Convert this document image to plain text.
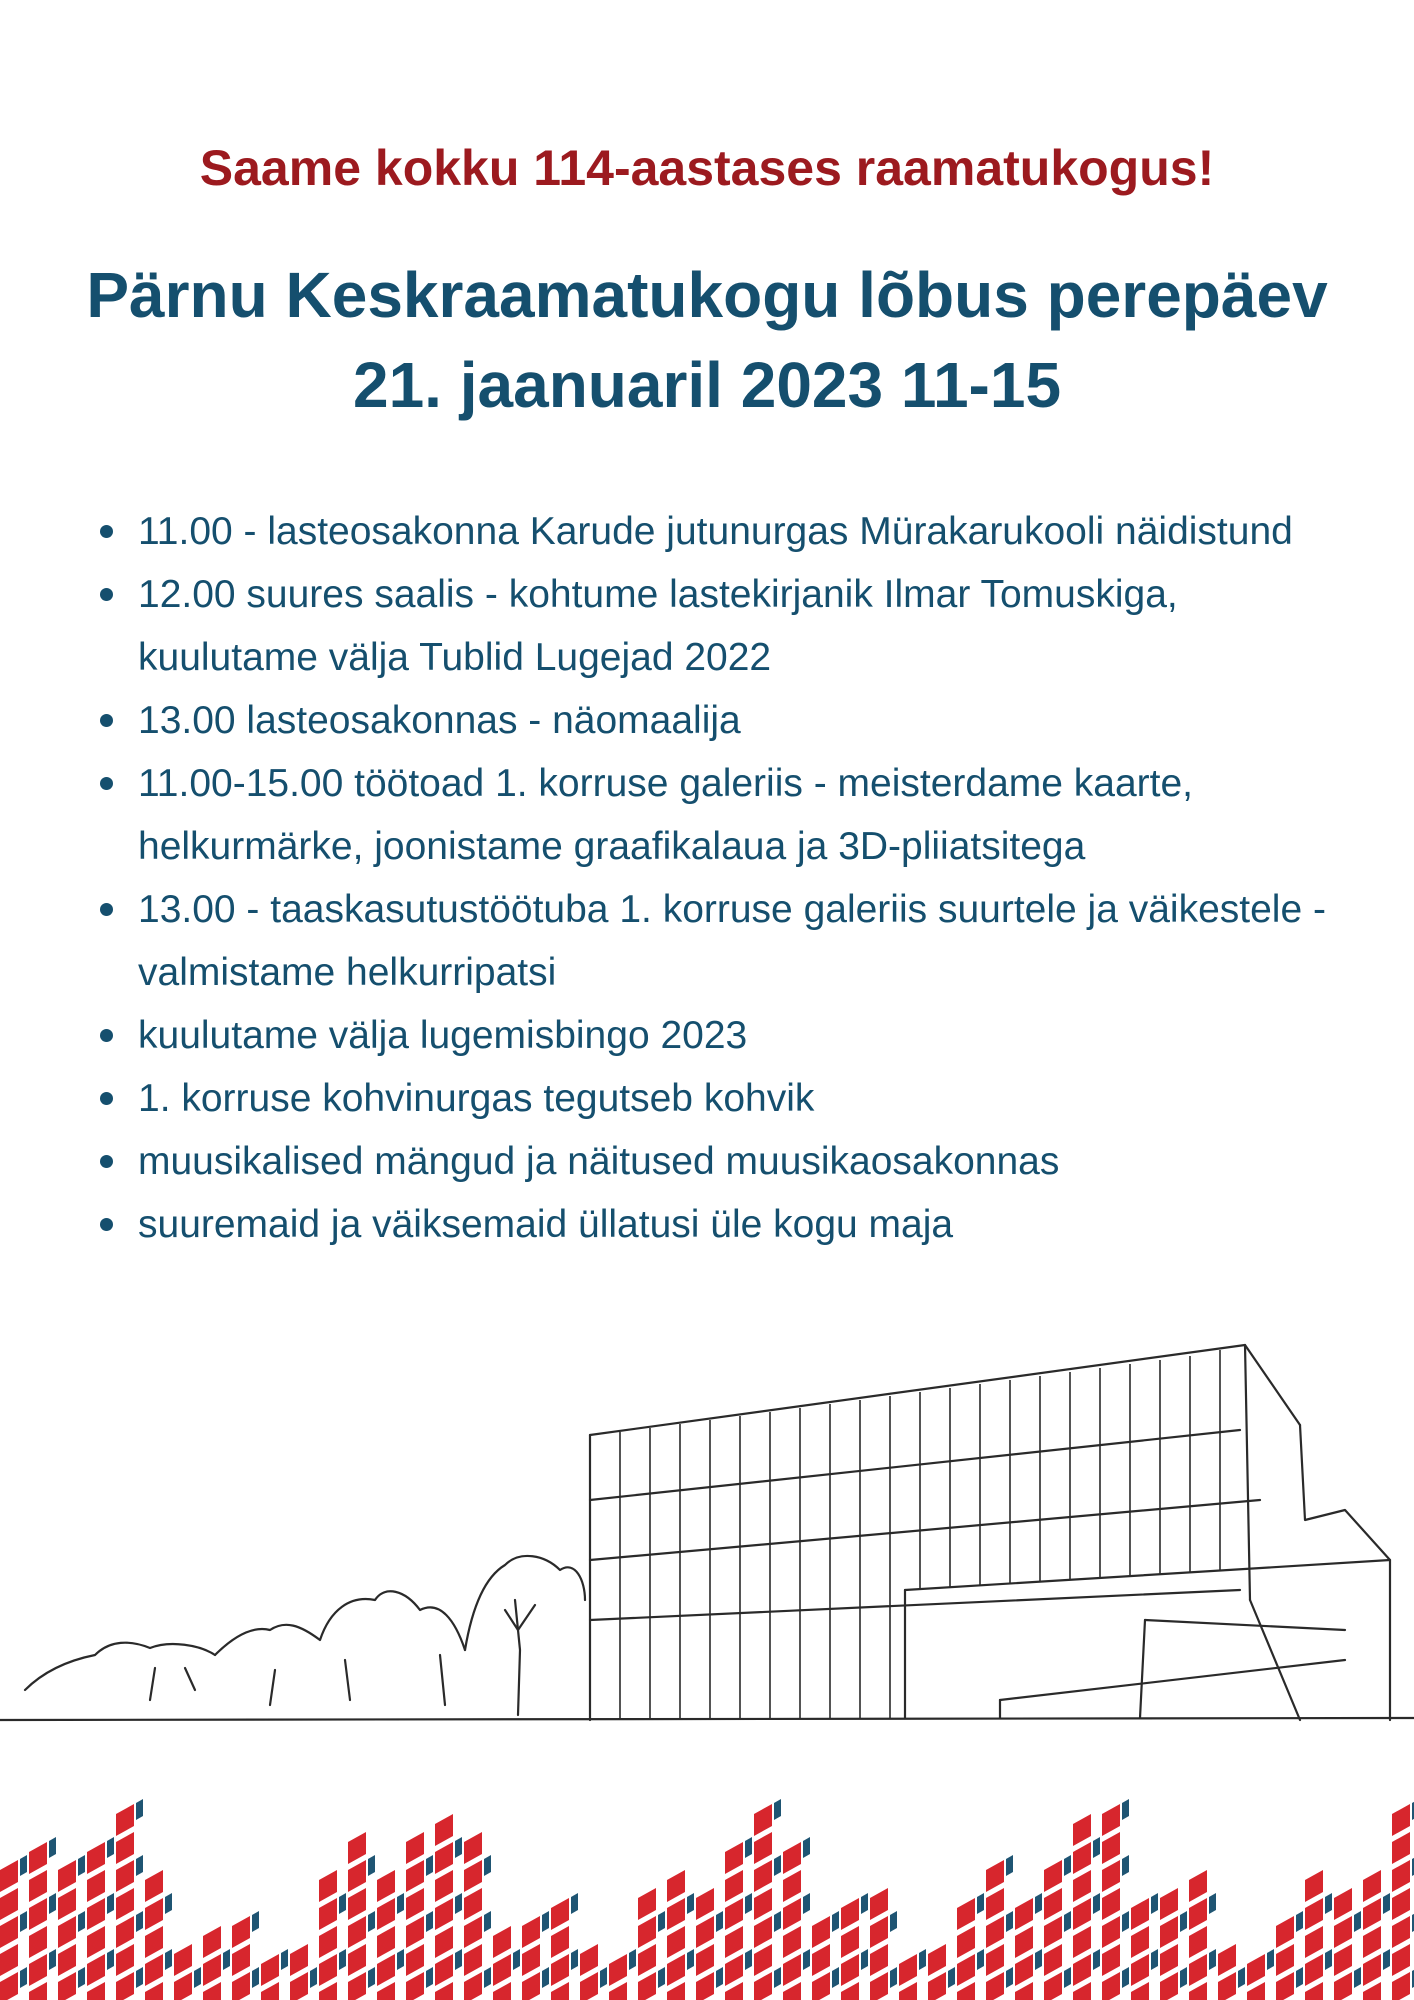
Saame kokku 114-aastases raamatukogus!
Pärnu Keskraamatukogu lõbus perepäev
21. jaanuaril 2023 11-15
11.00 - lasteosakonna Karude jutunurgas Mürakarukooli näidistund
12.00 suures saalis - kohtume lastekirjanik Ilmar Tomuskiga, kuulutame välja Tublid Lugejad 2022
13.00 lasteosakonnas - näomaalija
11.00-15.00 töötoad 1. korruse galeriis - meisterdame kaarte, helkurmärke, joonistame graafikalaua ja 3D-pliiatsitega
13.00 - taaskasutustöötuba 1. korruse galeriis suurtele ja väikestele - valmistame helkurripatsi
kuulutame välja lugemisbingo 2023
1. korruse kohvinurgas tegutseb kohvik
muusikalised mängud ja näitused muusikaosakonnas
suuremaid ja väiksemaid üllatusi üle kogu maja
